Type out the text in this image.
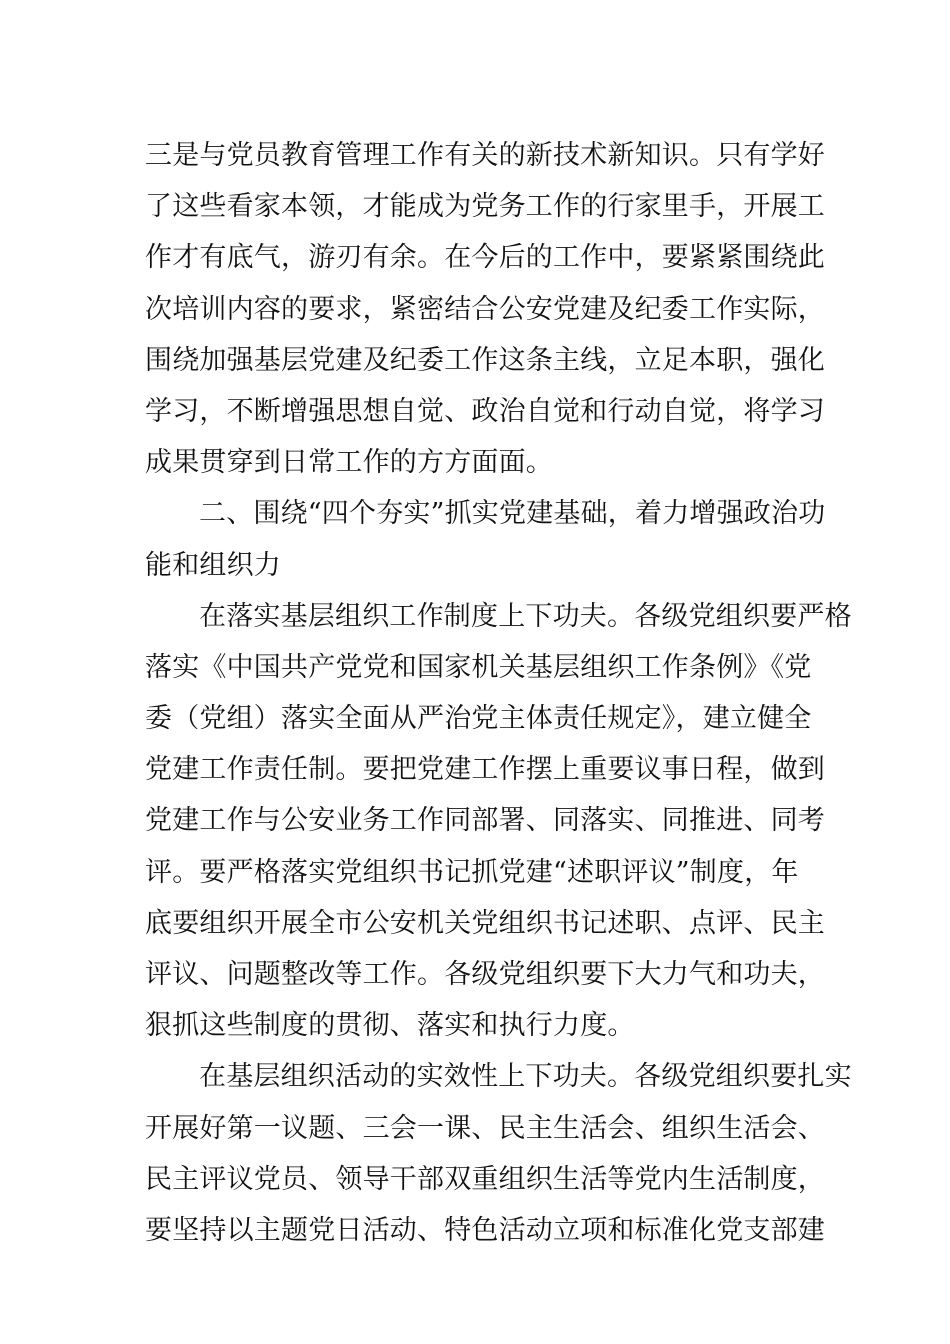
三是与党员教育管理工作有关的新技术新知识。只有学好
了这些看家本领，才能成为党务工作的行家里手，开展工
作才有底气，游刃有余。在今后的工作中，要紧紧围绕此
次培训内容的要求，紧密结合公安党建及纪委工作实际，
围绕加强基层党建及纪委工作这条主线，立足本职，强化
学习，不断增强思想自觉、政治自觉和行动自觉，将学习
成果贯穿到日常工作的方方面面。
二、围绕“四个夯实”抓实党建基础，着力增强政治功
能和组织力
在落实基层组织工作制度上下功夫。各级党组织要严格
落实《中国共产党党和国家机关基层组织工作条例》《党
委（党组）落实全面从严治党主体责任规定》，建立健全
党建工作责任制。要把党建工作摆上重要议事日程，做到
党建工作与公安业务工作同部署、同落实、同推进、同考
评。要严格落实党组织书记抓党建“述职评议”制度，年
底要组织开展全市公安机关党组织书记述职、点评、民主
评议、问题整改等工作。各级党组织要下大力气和功夫，
狠抓这些制度的贯彻、落实和执行力度。
在基层组织活动的实效性上下功夫。各级党组织要扎实
开展好第一议题、三会一课、民主生活会、组织生活会、
民主评议党员、领导干部双重组织生活等党内生活制度，
要坚持以主题党日活动、特色活动立项和标准化党支部建
